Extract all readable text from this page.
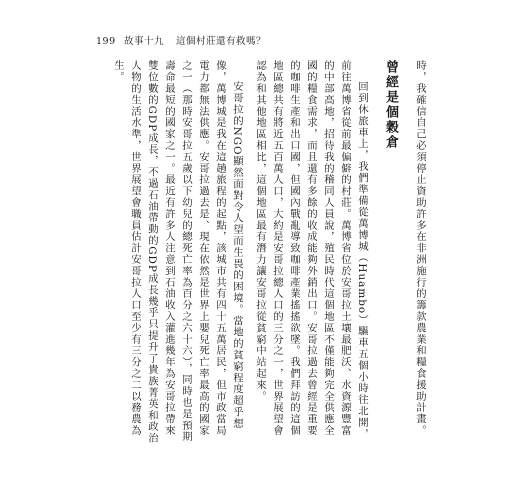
199 故事十九 這個村莊還有救嗎？

時，我確信自己必須停止資助許多在非洲施行的籌款農業和糧食援助計畫。

曾經是個穀倉

回到休旅車上，我們準備從萬博城（Huambo）驅車五個小時往北開，前往萬博省從前最偏僻的村莊。萬博省位於安哥拉土壤最肥沃、水資源豐富的中部高地，招待我的稽同人員說，殖民時代這個地區不僅能夠完全供應全國的糧食需求，而且還有多餘的收成能夠外銷出口。安哥拉過去曾經是重要的咖啡生產和出口國，但國內戰亂導致咖啡產業搖搖欲墜。我們拜訪的這個地區總共有將近五百萬人口，大約是安哥拉總人口的三分之一，世界展望會認為和其他地區相比，這個地區最有潛力讓安哥拉從貧窮中站起來。

安哥拉的NGO顯然面對令人望而生畏的困境。當地的貧窮程度超乎想像，萬博城是我在這趟旅程的起點，該城市共有四十五萬居民，但市政當局電力都無法供應。安哥拉過去是、現在依然是世界上嬰兒死亡率最高的國家之一（那時安哥拉五歲以下幼兒的總死亡率為百分之六十六），同時也是預期壽命最短的國家之一。最近有許多人注意到石油收入灌進幾年為安哥拉帶來雙位數的GDP成長，不過石油帶動的GDP成長幾乎只提升了貴族菁英和政治人物的生活水準，世界展望會職員估計安哥拉人口至少有三分之二以務農為生。
